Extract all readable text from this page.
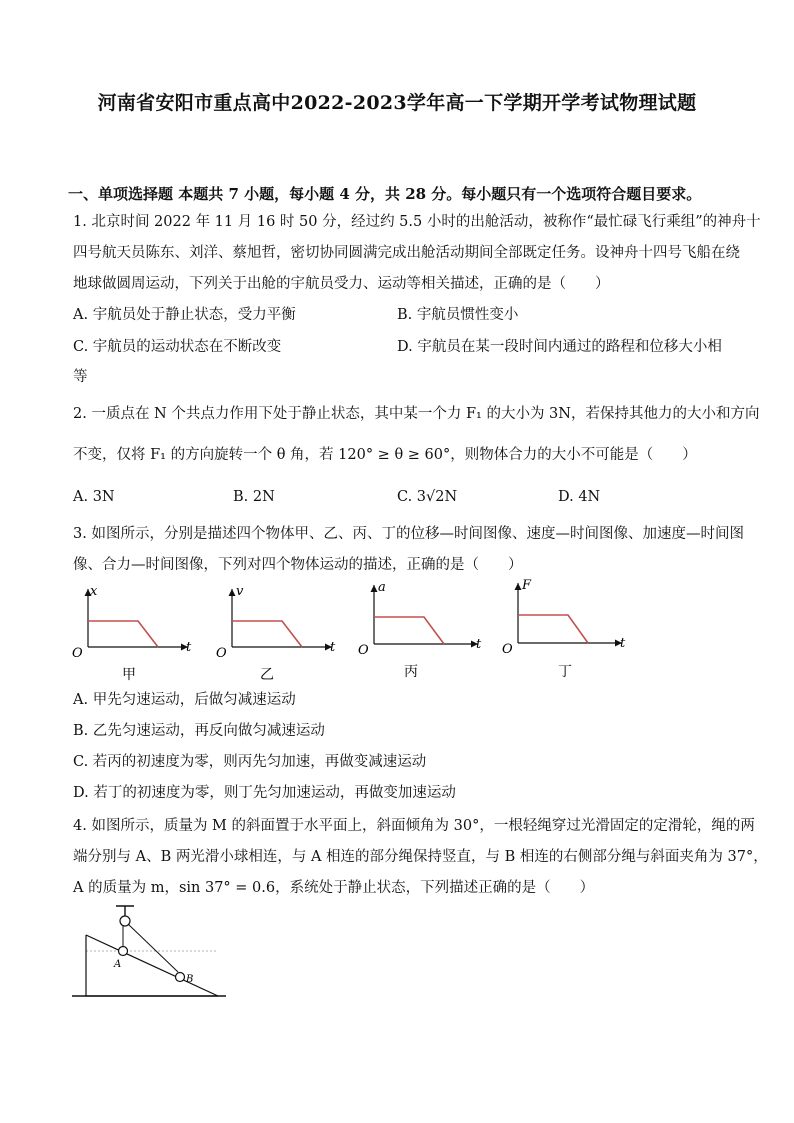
河南省安阳市重点高中2022-2023学年高一下学期开学考试物理试题
一、单项选择题 本题共 7 小题，每小题 4 分，共 28 分。每小题只有一个选项符合题目要求。
1. 北京时间 2022 年 11 月 16 时 50 分，经过约 5.5 小时的出舱活动，被称作“最忙碌飞行乘组”的神舟十
四号航天员陈东、刘洋、蔡旭哲，密切协同圆满完成出舱活动期间全部既定任务。设神舟十四号飞船在绕
地球做圆周运动，下列关于出舱的宇航员受力、运动等相关描述，正确的是（　　）
A. 宇航员处于静止状态，受力平衡	B. 宇航员惯性变小
C. 宇航员的运动状态在不断改变	D. 宇航员在某一段时间内通过的路程和位移大小相
等
2. 一质点在 N 个共点力作用下处于静止状态，其中某一个力 F₁ 的大小为 3N，若保持其他力的大小和方向
不变，仅将 F₁ 的方向旋转一个 θ 角，若 120° ≥ θ ≥ 60°，则物体合力的大小不可能是（　　）
A. 3N	B. 2N	C. 3√2N	D. 4N
3. 如图所示，分别是描述四个物体甲、乙、丙、丁的位移—时间图像、速度—时间图像、加速度—时间图
像、合力—时间图像，下列对四个物体运动的描述，正确的是（　　）
x
t
O
甲
v
t
O
乙
a
t
O
丙
F
t
O
丁
A. 甲先匀速运动，后做匀减速运动
B. 乙先匀速运动，再反向做匀减速运动
C. 若丙的初速度为零，则丙先匀加速，再做变减速运动
D. 若丁的初速度为零，则丁先匀加速运动，再做变加速运动
4. 如图所示，质量为 M 的斜面置于水平面上，斜面倾角为 30°，一根轻绳穿过光滑固定的定滑轮，绳的两
端分别与 A、B 两光滑小球相连，与 A 相连的部分绳保持竖直，与 B 相连的右侧部分绳与斜面夹角为 37°，
A 的质量为 m，sin 37° = 0.6，系统处于静止状态，下列描述正确的是（　　）
A
B
